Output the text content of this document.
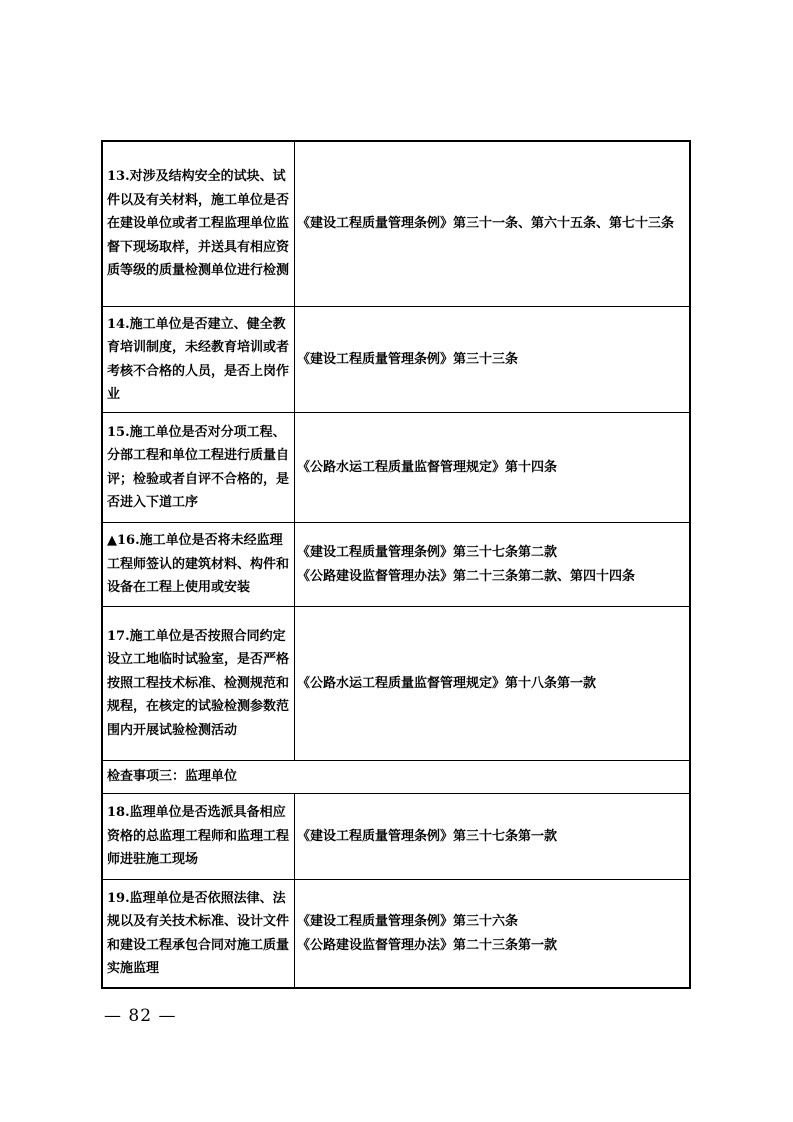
13.对涉及结构安全的试块、试件以及有关材料，施工单位是否在建设单位或者工程监理单位监督下现场取样，并送具有相应资质等级的质量检测单位进行检测
《建设工程质量管理条例》第三十一条、第六十五条、第七十三条
14.施工单位是否建立、健全教育培训制度，未经教育培训或者考核不合格的人员，是否上岗作业
《建设工程质量管理条例》第三十三条
15.施工单位是否对分项工程、分部工程和单位工程进行质量自评；检验或者自评不合格的，是否进入下道工序
《公路水运工程质量监督管理规定》第十四条
▲16.施工单位是否将未经监理工程师签认的建筑材料、构件和设备在工程上使用或安装
《建设工程质量管理条例》第三十七条第二款
《公路建设监督管理办法》第二十三条第二款、第四十四条
17.施工单位是否按照合同约定设立工地临时试验室，是否严格按照工程技术标准、检测规范和规程，在核定的试验检测参数范围内开展试验检测活动
《公路水运工程质量监督管理规定》第十八条第一款
检查事项三：监理单位
18.监理单位是否选派具备相应资格的总监理工程师和监理工程师进驻施工现场
《建设工程质量管理条例》第三十七条第一款
19.监理单位是否依照法律、法规以及有关技术标准、设计文件和建设工程承包合同对施工质量实施监理
《建设工程质量管理条例》第三十六条
《公路建设监督管理办法》第二十三条第一款
— 82 —
